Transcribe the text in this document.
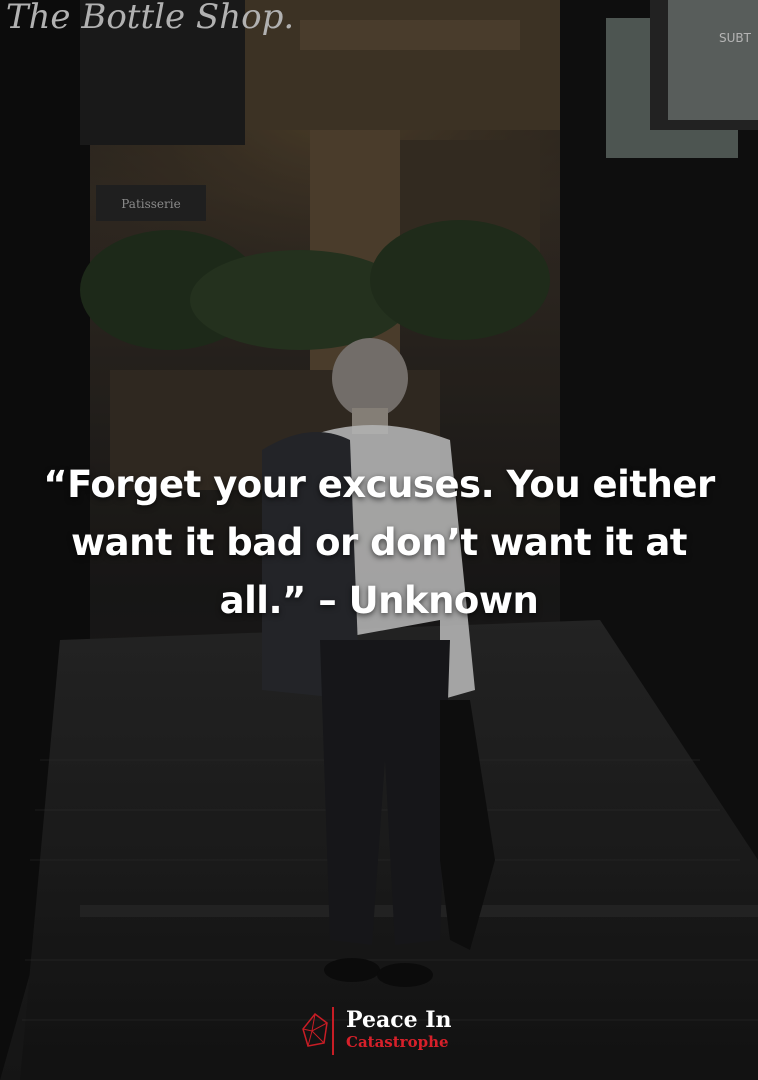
The Bottle Shop.
Patisserie
SUBT
“Forget your excuses. You either
want it bad or don’t want it at
all.” – Unknown
Peace In
Catastrophe
